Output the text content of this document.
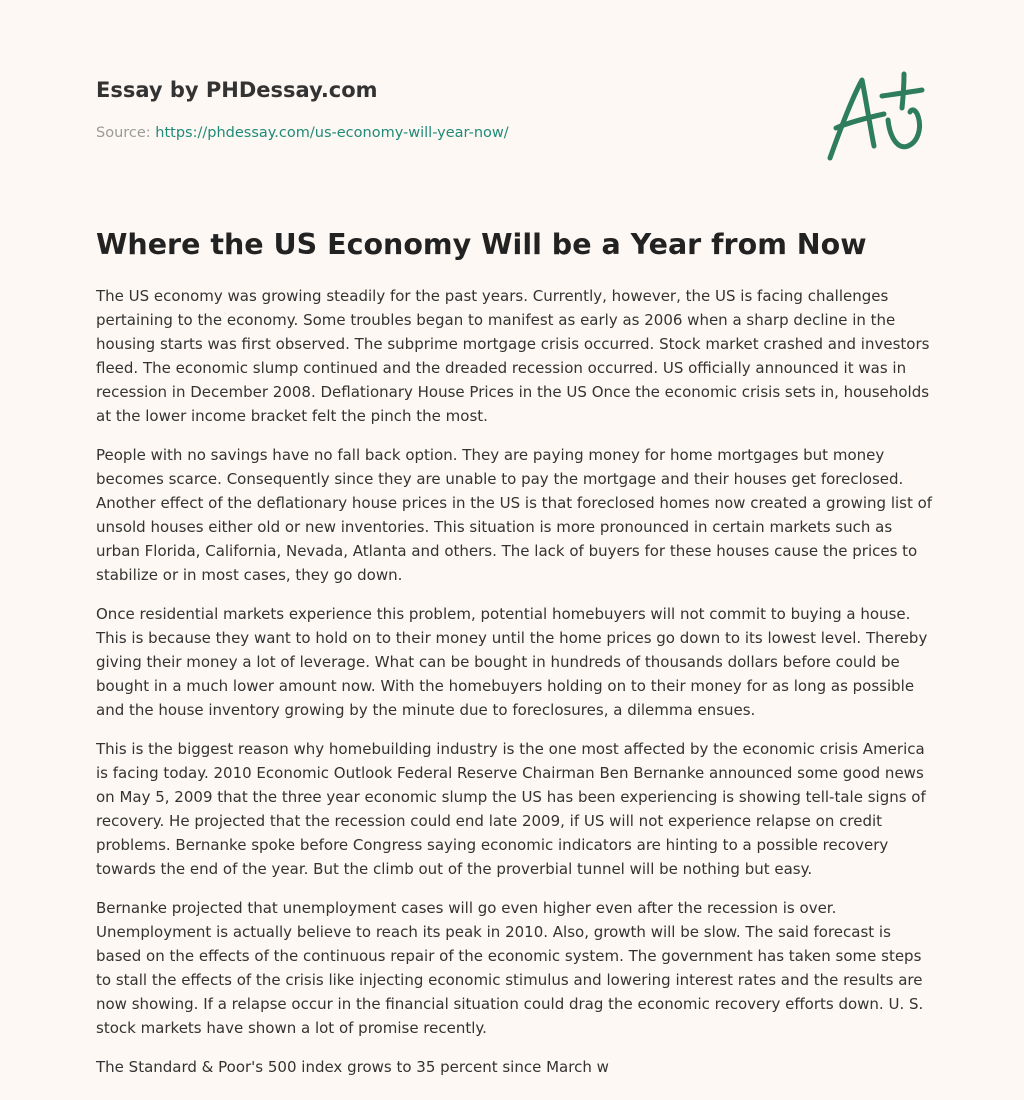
Essay by PHDessay.com
Source: https://phdessay.com/us-economy-will-year-now/
Where the US Economy Will be a Year from Now

The US economy was growing steadily for the past years. Currently, however, the US is facing challenges pertaining to the economy. Some troubles began to manifest as early as 2006 when a sharp decline in the housing starts was first observed. The subprime mortgage crisis occurred. Stock market crashed and investors fleed. The economic slump continued and the dreaded recession occurred. US officially announced it was in recession in December 2008. Deflationary House Prices in the US Once the economic crisis sets in, households at the lower income bracket felt the pinch the most.

People with no savings have no fall back option. They are paying money for home mortgages but money becomes scarce. Consequently since they are unable to pay the mortgage and their houses get foreclosed. Another effect of the deflationary house prices in the US is that foreclosed homes now created a growing list of unsold houses either old or new inventories. This situation is more pronounced in certain markets such as urban Florida, California, Nevada, Atlanta and others. The lack of buyers for these houses cause the prices to stabilize or in most cases, they go down.

Once residential markets experience this problem, potential homebuyers will not commit to buying a house. This is because they want to hold on to their money until the home prices go down to its lowest level. Thereby giving their money a lot of leverage. What can be bought in hundreds of thousands dollars before could be bought in a much lower amount now. With the homebuyers holding on to their money for as long as possible and the house inventory growing by the minute due to foreclosures, a dilemma ensues.

This is the biggest reason why homebuilding industry is the one most affected by the economic crisis America is facing today. 2010 Economic Outlook Federal Reserve Chairman Ben Bernanke announced some good news on May 5, 2009 that the three year economic slump the US has been experiencing is showing tell-tale signs of recovery. He projected that the recession could end late 2009, if US will not experience relapse on credit problems. Bernanke spoke before Congress saying economic indicators are hinting to a possible recovery towards the end of the year. But the climb out of the proverbial tunnel will be nothing but easy.

Bernanke projected that unemployment cases will go even higher even after the recession is over. Unemployment is actually believe to reach its peak in 2010. Also, growth will be slow. The said forecast is based on the effects of the continuous repair of the economic system. The government has taken some steps to stall the effects of the crisis like injecting economic stimulus and lowering interest rates and the results are now showing. If a relapse occur in the financial situation could drag the economic recovery efforts down. U. S. stock markets have shown a lot of promise recently.

The Standard & Poor's 500 index grows to 35 percent since March w
